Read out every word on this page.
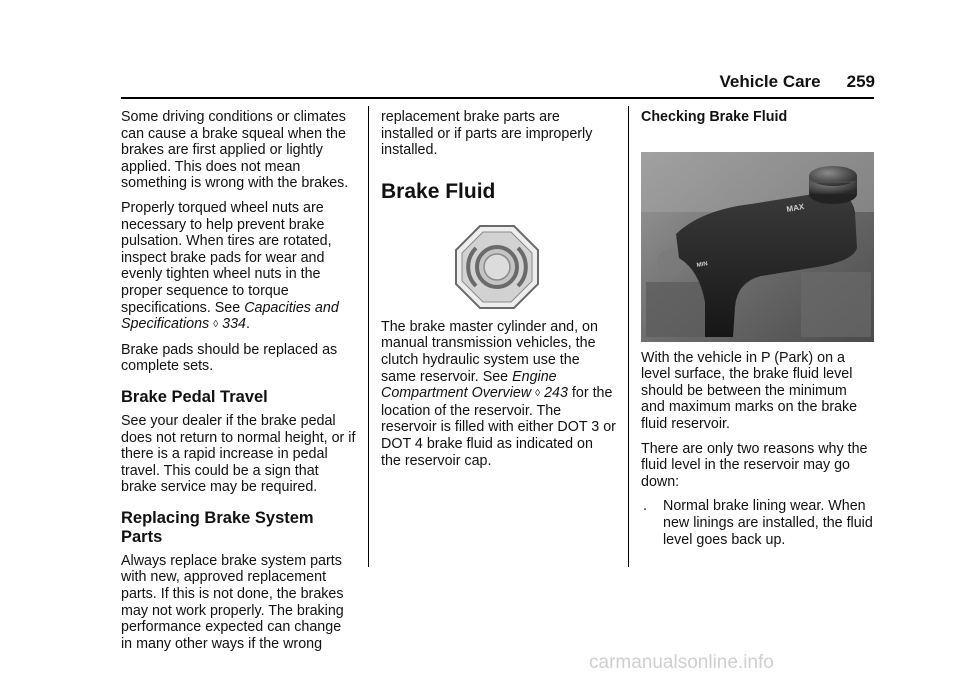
Vehicle Care 259

Some driving conditions or climates can cause a brake squeal when the brakes are first applied or lightly applied. This does not mean something is wrong with the brakes.

Properly torqued wheel nuts are necessary to help prevent brake pulsation. When tires are rotated, inspect brake pads for wear and evenly tighten wheel nuts in the proper sequence to torque specifications. See Capacities and Specifications ◊ 334.

Brake pads should be replaced as complete sets.

Brake Pedal Travel

See your dealer if the brake pedal does not return to normal height, or if there is a rapid increase in pedal travel. This could be a sign that brake service may be required.

Replacing Brake System Parts

Always replace brake system parts with new, approved replacement parts. If this is not done, the brakes may not work properly. The braking performance expected can change in many other ways if the wrong

replacement brake parts are installed or if parts are improperly installed.

Brake Fluid

The brake master cylinder and, on manual transmission vehicles, the clutch hydraulic system use the same reservoir. See Engine Compartment Overview ◊ 243 for the location of the reservoir. The reservoir is filled with either DOT 3 or DOT 4 brake fluid as indicated on the reservoir cap.

Checking Brake Fluid
MAX
MIN

With the vehicle in P (Park) on a level surface, the brake fluid level should be between the minimum and maximum marks on the brake fluid reservoir.

There are only two reasons why the fluid level in the reservoir may go down:

. Normal brake lining wear. When new linings are installed, the fluid level goes back up.

carmanualsonline.info
